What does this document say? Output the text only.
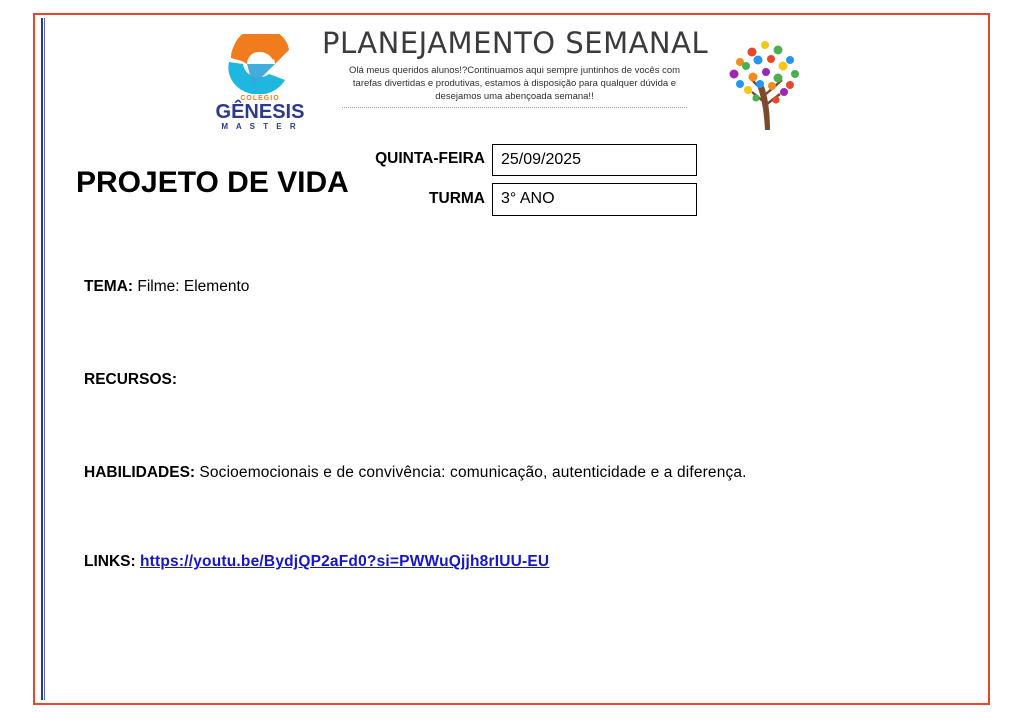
COLÉGIO
GÊNESIS
M A S T E R
PLANEJAMENTO SEMANAL
Olá meus queridos alunos!?Continuamos aqui sempre juntinhos de vocês com tarefas divertidas e produtivas, estamos à disposição para qualquer dúvida e desejamos uma abençoada semana!!
PROJETO DE VIDA
QUINTA-FEIRA	25/09/2025
TURMA	3° ANO
TEMA: Filme: Elemento
RECURSOS:
HABILIDADES: Socioemocionais e de convivência: comunicação, autenticidade e a diferença.
LINKS: https://youtu.be/BydjQP2aFd0?si=PWWuQjjh8rIUU-EU
